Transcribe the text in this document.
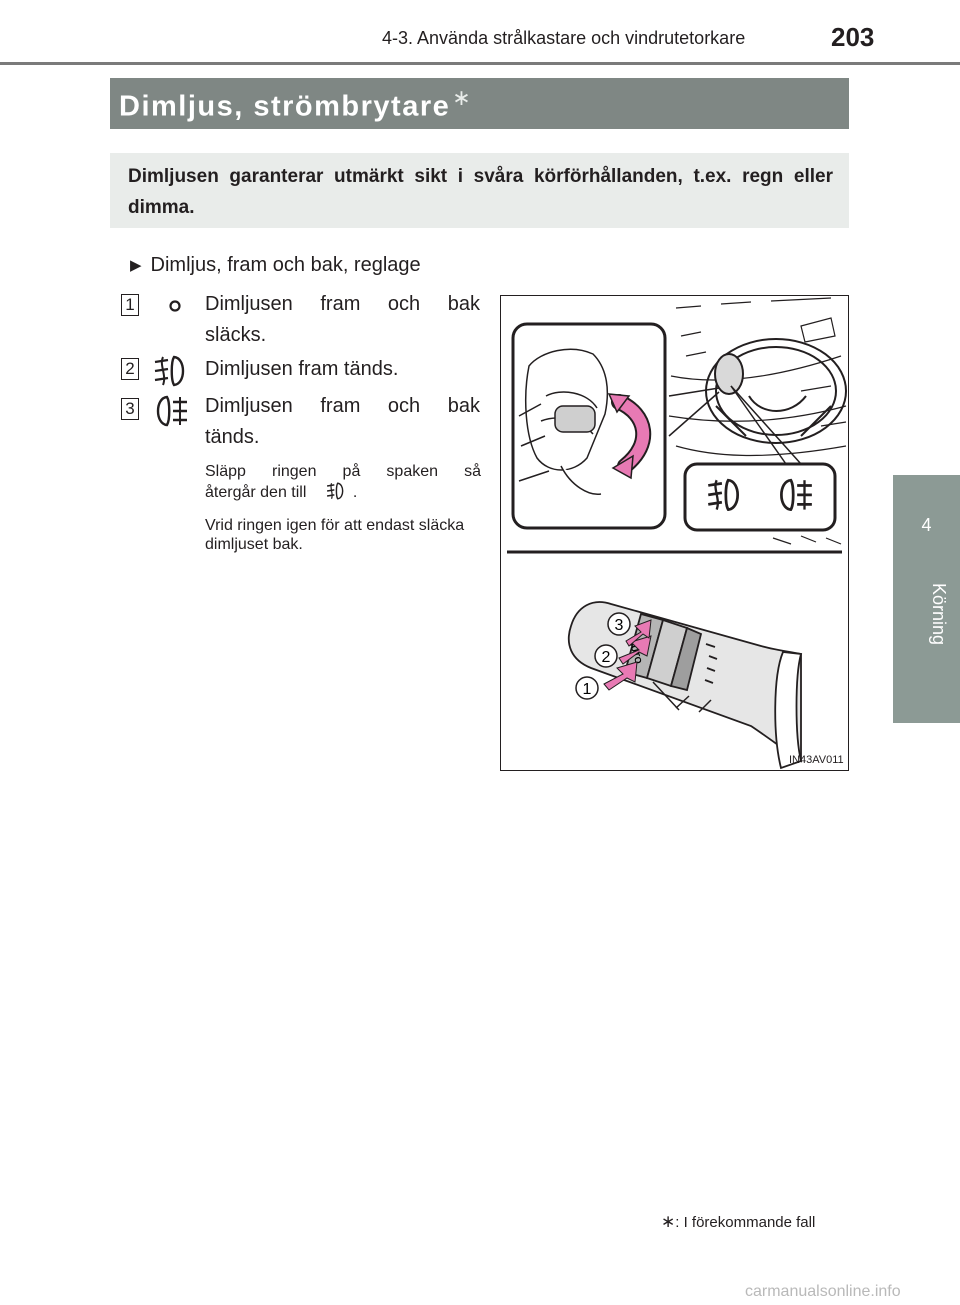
4-3. Använda strålkastare och vindrutetorkare	203
4
Körning
Dimljus, strömbrytare∗
Dimljusen garanterar utmärkt sikt i svåra körförhållanden, t.ex. regn eller dimma.
▶ Dimljus, fram och bak, reglage
1	Dimljusen fram och bak
släcks.
2	Dimljusen fram tänds.
3	Dimljusen fram och bak
tänds.
Släpp ringen på spaken så
återgår den till	.
Vrid ringen igen för att endast släcka dimljuset bak.
3
2
1
IN43AV011
∗: I förekommande fall
carmanualsonline.info
